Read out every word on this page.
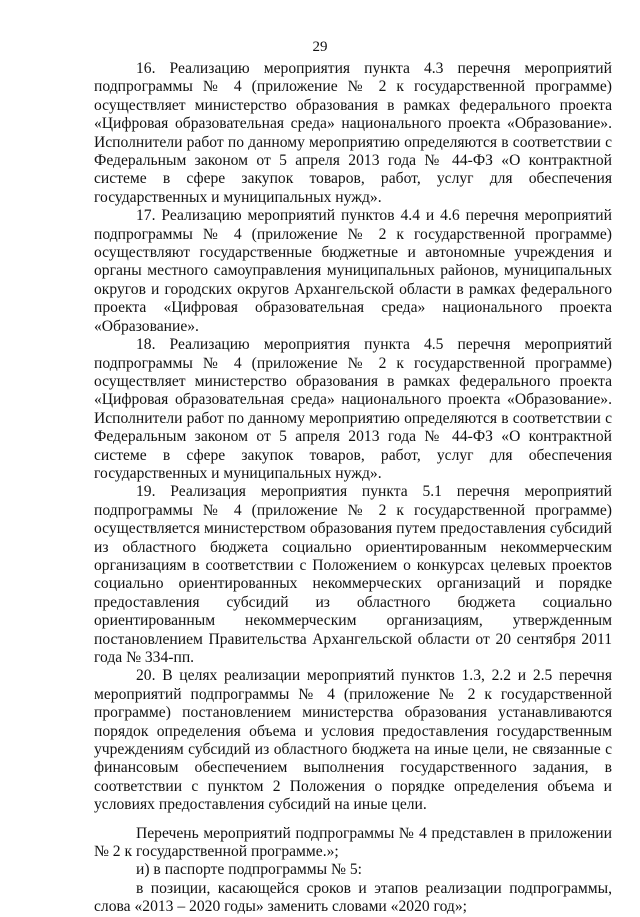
29

16. Реализацию мероприятия пункта 4.3 перечня мероприятий подпрограммы № 4 (приложение № 2 к государственной программе) осуществляет министерство образования в рамках федерального проекта «Цифровая образовательная среда» национального проекта «Образование». Исполнители работ по данному мероприятию определяются в соответствии с Федеральным законом от 5 апреля 2013 года № 44-ФЗ «О контрактной системе в сфере закупок товаров, работ, услуг для обеспечения государственных и муниципальных нужд».

17. Реализацию мероприятий пунктов 4.4 и 4.6 перечня мероприятий подпрограммы № 4 (приложение № 2 к государственной программе) осуществляют государственные бюджетные и автономные учреждения и органы местного самоуправления муниципальных районов, муниципальных округов и городских округов Архангельской области в рамках федерального проекта «Цифровая образовательная среда» национального проекта «Образование».

18. Реализацию мероприятия пункта 4.5 перечня мероприятий подпрограммы № 4 (приложение № 2 к государственной программе) осуществляет министерство образования в рамках федерального проекта «Цифровая образовательная среда» национального проекта «Образование». Исполнители работ по данному мероприятию определяются в соответствии с Федеральным законом от 5 апреля 2013 года № 44-ФЗ «О контрактной системе в сфере закупок товаров, работ, услуг для обеспечения государственных и муниципальных нужд».

19. Реализация мероприятия пункта 5.1 перечня мероприятий подпрограммы № 4 (приложение № 2 к государственной программе) осуществляется министерством образования путем предоставления субсидий из областного бюджета социально ориентированным некоммерческим организациям в соответствии с Положением о конкурсах целевых проектов социально ориентированных некоммерческих организаций и порядке предоставления субсидий из областного бюджета социально ориентированным некоммерческим организациям, утвержденным постановлением Правительства Архангельской области от 20 сентября 2011 года № 334-пп.

20. В целях реализации мероприятий пунктов 1.3, 2.2 и 2.5 перечня мероприятий подпрограммы № 4 (приложение № 2 к государственной программе) постановлением министерства образования устанавливаются порядок определения объема и условия предоставления государственным учреждениям субсидий из областного бюджета на иные цели, не связанные с финансовым обеспечением выполнения государственного задания, в соответствии с пунктом 2 Положения о порядке определения объема и условиях предоставления субсидий на иные цели.

Перечень мероприятий подпрограммы № 4 представлен в приложении № 2 к государственной программе.»;

и) в паспорте подпрограммы № 5:

в позиции, касающейся сроков и этапов реализации подпрограммы, слова «2013 – 2020 годы» заменить словами «2020 год»;
